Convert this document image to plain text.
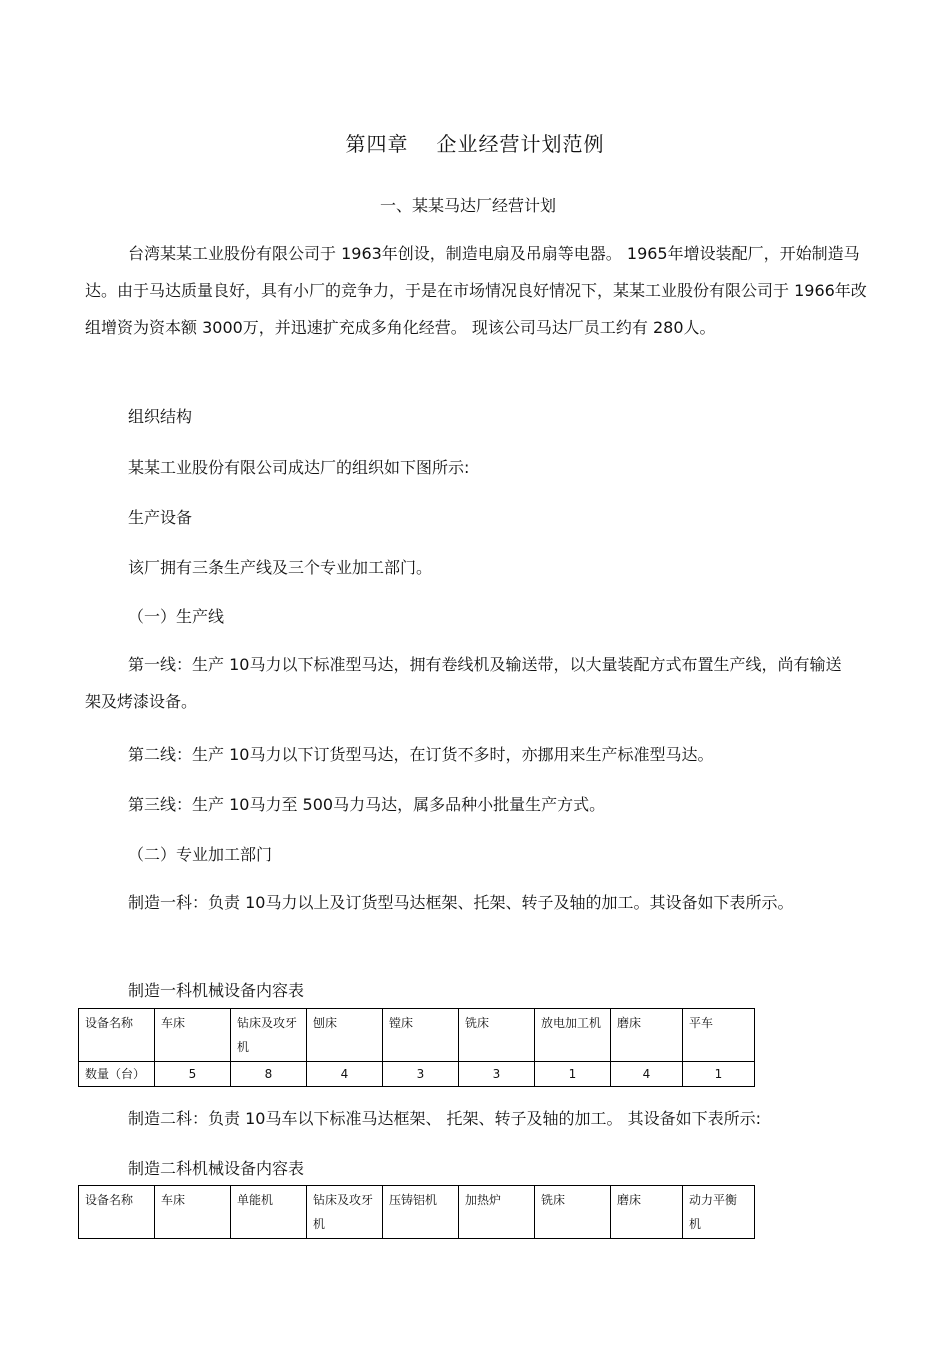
第四章 企业经营计划范例
一、某某马达厂经营计划

台湾某某工业股份有限公司于 1963年创设，制造电扇及吊扇等电器。 1965年增设装配厂，开始制造马达。由于马达质量良好，具有小厂的竞争力，于是在市场情况良好情况下，某某工业股份有限公司于 1966年改组增资为资本额 3000万，并迅速扩充成多角化经营。 现该公司马达厂员工约有 280人。

组织结构

某某工业股份有限公司成达厂的组织如下图所示:

生产设备

该厂拥有三条生产线及三个专业加工部门。

（一）生产线

第一线：生产 10马力以下标准型马达，拥有卷线机及输送带，以大量装配方式布置生产线，尚有输送架及烤漆设备。

第二线：生产 10马力以下订货型马达，在订货不多时，亦挪用来生产标准型马达。

第三线：生产 10马力至 500马力马达，属多品种小批量生产方式。

（二）专业加工部门

制造一科：负责 10马力以上及订货型马达框架、托架、转子及轴的加工。其设备如下表所示。

制造一科机械设备内容表

设备名称	车床	钻床及攻牙机	刨床	镗床	铣床	放电加工机	磨床	平车
数量（台）	5	8	4	3	3	1	4	1

制造二科：负责 10马车以下标准马达框架、 托架、转子及轴的加工。 其设备如下表所示:

制造二科机械设备内容表

设备名称	车床	单能机	钻床及攻牙机	压铸铝机	加热炉	铣床	磨床	动力平衡机
